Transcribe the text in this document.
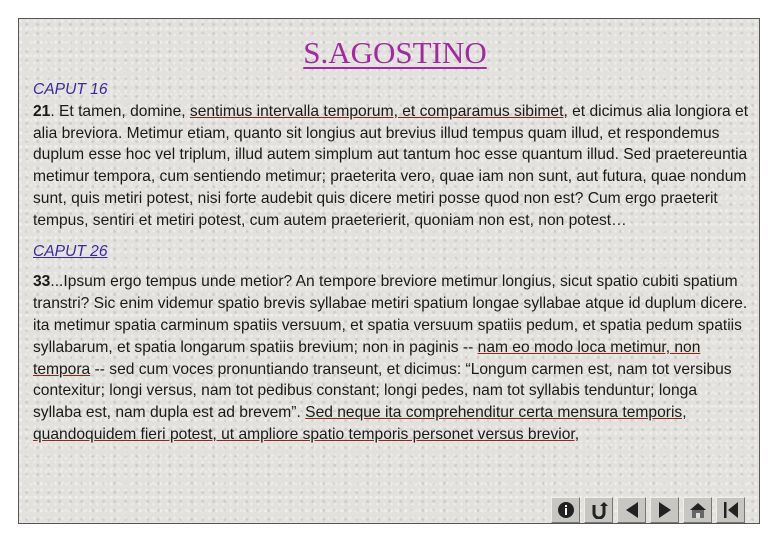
S.AGOSTINO
CAPUT 16

21. Et tamen, domine, sentimus intervalla temporum, et comparamus sibimet, et dicimus alia longiora et alia breviora. Metimur etiam, quanto sit longius aut brevius illud tempus quam illud, et respondemus duplum esse hoc vel triplum, illud autem simplum aut tantum hoc esse quantum illud. Sed praetereuntia metimur tempora, cum sentiendo metimur; praeterita vero, quae iam non sunt, aut futura, quae nondum sunt, quis metiri potest, nisi forte audebit quis dicere metiri posse quod non est? Cum ergo praeterit tempus, sentiri et metiri potest, cum autem praeterierit, quoniam non est, non potest…

CAPUT 26

33...Ipsum ergo tempus unde metior? An tempore breviore metimur longius, sicut spatio cubiti spatium transtri? Sic enim videmur spatio brevis syllabae metiri spatium longae syllabae atque id duplum dicere. ita metimur spatia carminum spatiis versuum, et spatia versuum spatiis pedum, et spatia pedum spatiis syllabarum, et spatia longarum spatiis brevium; non in paginis -- nam eo modo loca metimur, non tempora -- sed cum voces pronuntiando transeunt, et dicimus: “Longum carmen est, nam tot versibus contexitur; longi versus, nam tot pedibus constant; longi pedes, nam tot syllabis tenduntur; longa syllaba est, nam dupla est ad brevem”. Sed neque ita comprehenditur certa mensura temporis, quandoquidem fieri potest, ut ampliore spatio temporis personet versus brevior,
